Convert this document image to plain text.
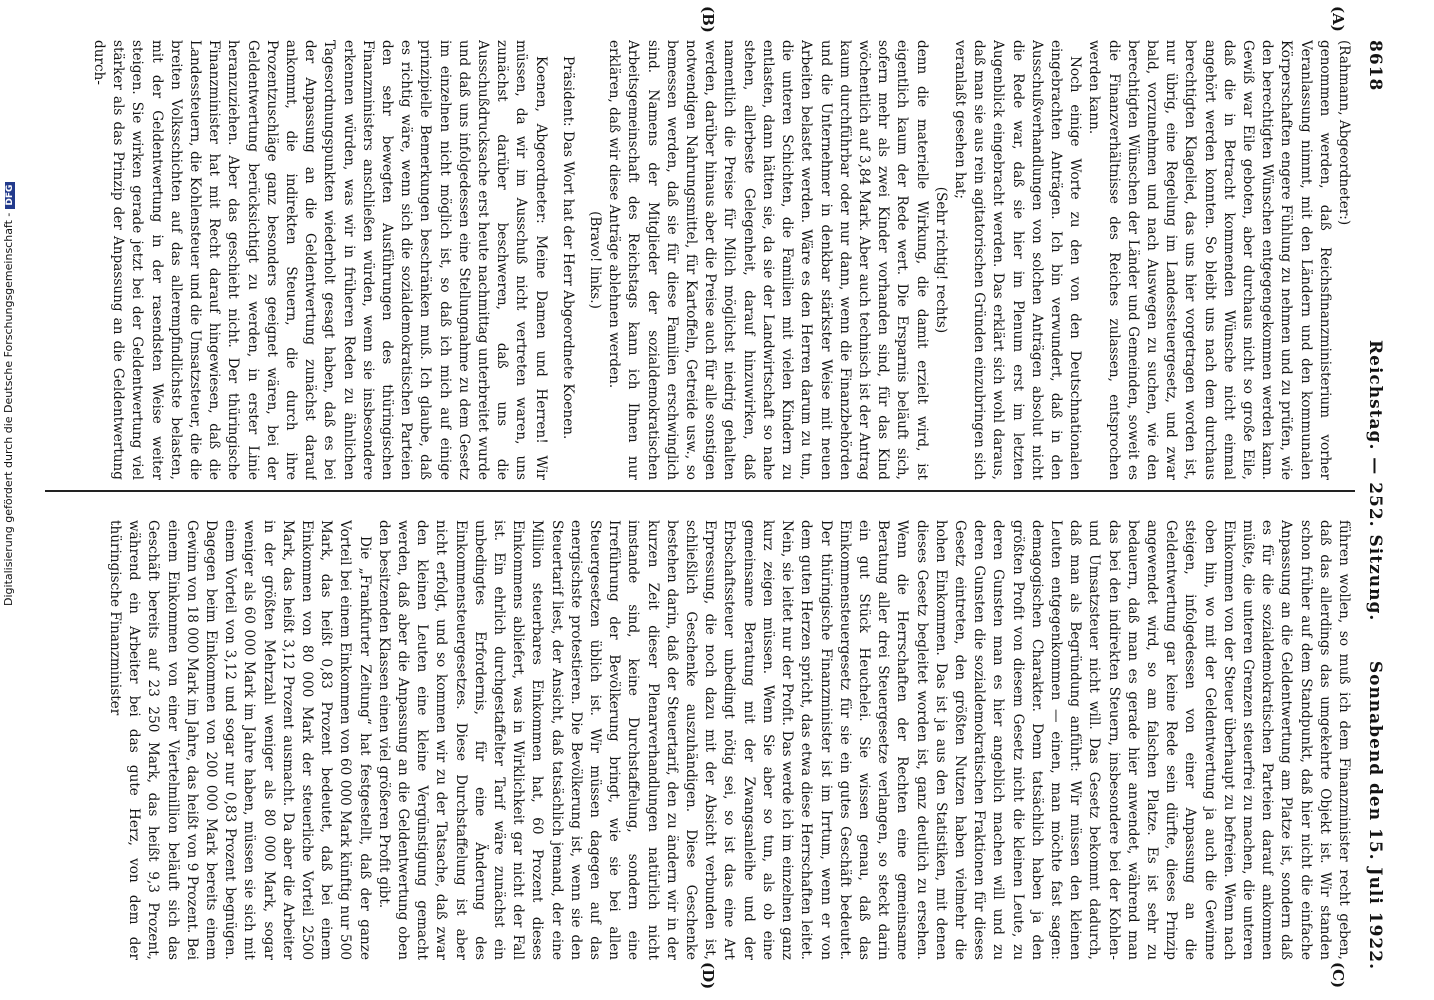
8618
Reichstag. — 252. Sitzung.
Sonnabend den 15. Juli 1922.
(A)
(B)
(C)
(D)

(Rahmann, Abgeordneter:)

genommen werden, daß Reichsfinanzministerium vorher Veranlassung nimmt, mit den Ländern und den kommunalen Körperschaften engere Fühlung zu nehmen und zu prüfen, wie den berechtigten Wünschen entgegengekommen werden kann. Gewiß war Eile geboten, aber durchaus nicht so große Eile, daß die in Betracht kommenden Wünsche nicht einmal angehört werden konnten. So bleibt uns nach dem durchaus berechtigten Klagelied, das uns hier vorgetragen worden ist, nur übrig, eine Regelung im Landessteuergesetz, und zwar bald, vorzunehmen und nach Auswegen zu suchen, wie den berechtigten Wünschen der Länder und Gemeinden, soweit es die Finanzverhältnisse des Reiches zulassen, entsprochen werden kann.

Noch einige Worte zu den von den Deutschnationalen eingebrachten Anträgen. Ich bin verwundert, daß in den Ausschußverhandlungen von solchen Anträgen absolut nicht die Rede war, daß sie hier im Plenum erst im letzten Augenblick eingebracht werden. Das erklärt sich wohl daraus, daß man sie aus rein agitatorischen Gründen einzubringen sich veranlaßt gesehen hat;

(Sehr richtig! rechts)

denn die materielle Wirkung, die damit erzielt wird, ist eigentlich kaum der Rede wert. Die Ersparnis beläuft sich, sofern mehr als zwei Kinder vorhanden sind, für das Kind wöchentlich auf 3,84 Mark. Aber auch technisch ist der Antrag kaum durchführbar oder nur dann, wenn die Finanzbehörden und die Unternehmer in denkbar stärkster Weise mit neuen Arbeiten belastet werden. Wäre es den Herren darum zu tun, die unteren Schichten, die Familien mit vielen Kindern zu entlasten, dann hätten sie, da sie der Landwirtschaft so nahe stehen, allerbeste Gelegenheit, darauf hinzuwirken, daß namentlich die Preise für Milch möglichst niedrig gehalten werden, darüber hinaus aber die Preise auch für alle sonstigen notwendigen Nahrungsmittel, für Kartoffeln, Getreide usw., so bemessen werden, daß sie für diese Familien erschwinglich sind. Namens der Mitglieder der sozialdemokratischen Arbeitsgemeinschaft des Reichstags kann ich Ihnen nur erklären, daß wir diese Anträge ablehnen werden.

(Bravo! links.)

Präsident: Das Wort hat der Herr Abgeordnete Koenen.

Koenen, Abgeordneter: Meine Damen und Herren! Wir müssen, da wir im Ausschuß nicht vertreten waren, uns zunächst darüber beschweren, daß uns die Ausschußdrucksache erst heute nachmittag unterbreitet wurde und daß uns infolgedessen eine Stellungnahme zu dem Gesetz im einzelnen nicht möglich ist, so daß ich mich auf einige prinzipielle Bemerkungen beschränken muß. Ich glaube, daß es richtig wäre, wenn sich die sozialdemokratischen Parteien den sehr bewegten Ausführungen des thüringischen Finanzministers anschließen würden, wenn sie insbesondere erkennen würden, was wir in früheren Reden zu ähnlichen Tagesordnungspunkten wiederholt gesagt haben, daß es bei der Anpassung an die Geldentwertung zunächst darauf ankommt, die indirekten Steuern, die durch ihre Prozentzuschläge ganz besonders geeignet wären, bei der Geldentwertung berücksichtigt zu werden, in erster Linie heranzuziehen. Aber das geschieht nicht. Der thüringische Finanzminister hat mit Recht darauf hingewiesen, daß die Landessteuern, die Kohlensteuer und die Umsatzsteuer, die die breiten Volksschichten auf das allerempfindlichste belasten, mit der Geldentwertung in der rasendsten Weise weiter steigen. Sie wirken gerade jetzt bei der Geldentwertung viel stärker als das Prinzip der Anpassung an die Geldentwertung durch-

führen wollen, so muß ich dem Finanzminister recht geben, daß das allerdings das umgekehrte Objekt ist. Wir standen schon früher auf dem Standpunkt, daß hier nicht die einfache Anpassung an die Geldentwertung am Platze ist, sondern daß es für die sozialdemokratischen Parteien darauf ankommen müßte, die unteren Grenzen steuerfrei zu machen, die unteren Einkommen von der Steuer überhaupt zu befreien. Wenn nach oben hin, wo mit der Geldentwertung ja auch die Gewinne steigen, infolgedessen von einer Anpassung an die Geldentwertung gar keine Rede sein dürfte, dieses Prinzip angewendet wird, so am falschen Platze. Es ist sehr zu bedauern, daß man es gerade hier anwendet, während man das bei den indirekten Steuern, insbesondere bei der Kohlen- und Umsatzsteuer nicht will. Das Gesetz bekommt dadurch, daß man als Begründung anführt: Wir müssen den kleinen Leuten entgegenkommen — einen, man möchte fast sagen: demagogischen Charakter. Denn tatsächlich haben ja den größten Profit von diesem Gesetz nicht die kleinen Leute, zu deren Gunsten man es hier angeblich machen will und zu deren Gunsten die sozialdemokratischen Fraktionen für dieses Gesetz eintreten, den größten Nutzen haben vielmehr die hohen Einkommen. Das ist ja aus den Statistiken, mit denen dieses Gesetz begleitet worden ist, ganz deutlich zu ersehen. Wenn die Herrschaften der Rechten eine gemeinsame Beratung aller drei Steuergesetze verlangen, so steckt darin ein gut Stück Heuchelei. Sie wissen genau, daß das Einkommensteuergesetz für sie ein gutes Geschäft bedeutet. Der thüringische Finanzminister ist im Irrtum, wenn er von dem guten Herzen spricht, das etwa diese Herrschaften leitet. Nein, sie leitet nur der Profit. Das werde ich im einzelnen ganz kurz zeigen müssen. Wenn Sie aber so tun, als ob eine gemeinsame Beratung mit der Zwangsanleihe und der Erbschaftssteuer unbedingt nötig sei, so ist das eine Art Erpressung, die noch dazu mit der Absicht verbunden ist, schließlich Geschenke auszuhändigen. Diese Geschenke bestehen darin, daß der Steuertarif, den zu ändern wir in der kurzen Zeit dieser Plenarverhandlungen natürlich nicht imstande sind, keine Durchstaffelung, sondern eine Irreführung der Bevölkerung bringt, wie sie bei allen Steuergesetzen üblich ist. Wir müssen dagegen auf das energischste protestieren. Die Bevölkerung ist, wenn sie den Steuertarif liest, der Ansicht, daß tatsächlich jemand, der eine Million steuerbares Einkommen hat, 60 Prozent dieses Einkommens abliefert, was in Wirklichkeit gar nicht der Fall ist. Ein ehrlich durchgestaffelter Tarif wäre zunächst ein unbedingtes Erfordernis, für eine Änderung des Einkommensteuergesetzes. Diese Durchstaffelung ist aber nicht erfolgt, und so kommen wir zu der Tatsache, daß zwar den kleinen Leuten eine kleine Vergünstigung gemacht werden, daß aber die Anpassung an die Geldentwertung oben den besitzenden Klassen einen viel größeren Profit gibt.

Die „Frankfurter Zeitung“ hat festgestellt, daß der ganze Vorteil bei einem Einkommen von 60 000 Mark künftig nur 500 Mark, das heißt 0,83 Prozent bedeutet, daß bei einem Einkommen von 80 000 Mark der steuerliche Vorteil 2500 Mark, das heißt 3,12 Prozent ausmacht. Da aber die Arbeiter in der größten Mehrzahl weniger als 80 000 Mark, sogar weniger als 60 000 Mark im Jahre haben, müssen sie sich mit einem Vorteil von 3,12 und sogar nur 0,83 Prozent begnügen. Dagegen beim Einkommen von 200 000 Mark bereits einem Gewinn von 18 000 Mark im Jahre, das heißt von 9 Prozent. Bei einem Einkommen von einer Viertelmillion beläuft sich das Geschäft bereits auf 23 250 Mark, das heißt 9,3 Prozent, während ein Arbeiter bei das gute Herz, von dem der thüringische Finanzminister

Digitalisierung gefördert durch die Deutsche Forschungsgemeinschaft -DFG
